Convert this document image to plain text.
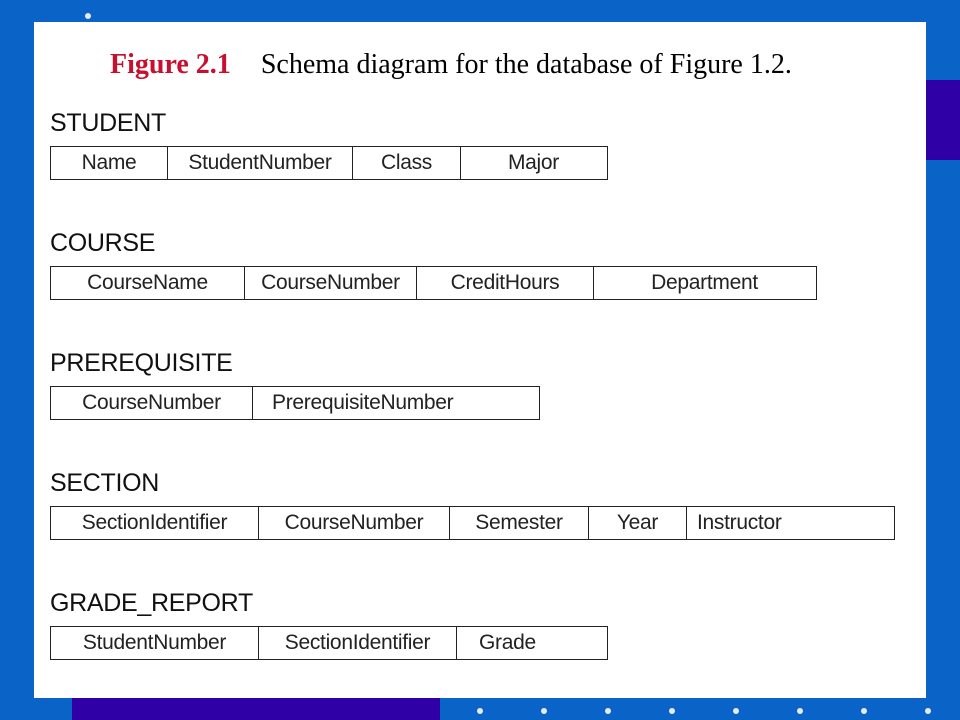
Figure 2.1 Schema diagram for the database of Figure 1.2.
STUDENT
Name	StudentNumber	Class	Major
COURSE
CourseName	CourseNumber	CreditHours	Department
PREREQUISITE
CourseNumber	PrerequisiteNumber
SECTION
SectionIdentifier	CourseNumber	Semester	Year	Instructor
GRADE_REPORT
StudentNumber	SectionIdentifier	Grade
